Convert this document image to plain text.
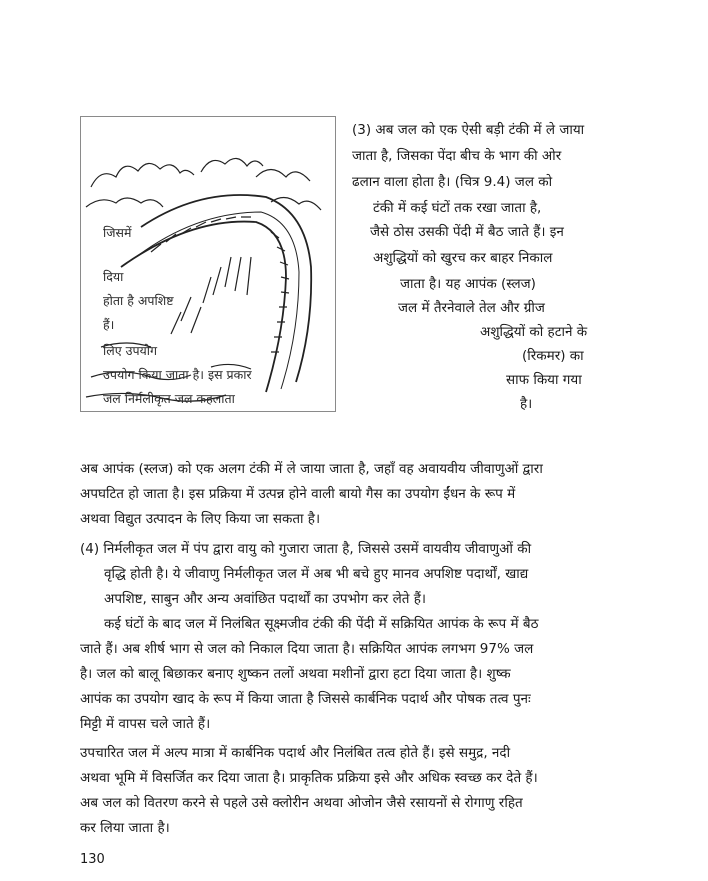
जिसमें
दिया
होता है अपशिष्ट
हैं।
लिए उपयोग
उपयोग किया जाता है। इस प्रकार
जल निर्मलीकृत जल कहलाता
(3) अब जल को एक ऐसी बड़ी टंकी में ले जाया
जाता है, जिसका पेंदा बीच के भाग की ओर
ढलान वाला होता है। (चित्र 9.4) जल को
टंकी में कई घंटों तक रखा जाता है,
जैसे ठोस उसकी पेंदी में बैठ जाते हैं। इन
अशुद्धियों को खुरच कर बाहर निकाल
जाता है। यह आपंक (स्लज)
जल में तैरनेवाले तेल और ग्रीज
अशुद्धियों को हटाने के
(रिकमर) का
साफ किया गया
है।
अब आपंक (स्लज) को एक अलग टंकी में ले जाया जाता है, जहाँ वह अवायवीय जीवाणुओं द्वारा
अपघटित हो जाता है। इस प्रक्रिया में उत्पन्न होने वाली बायो गैस का उपयोग ईंधन के रूप में
अथवा विद्युत उत्पादन के लिए किया जा सकता है।
(4) निर्मलीकृत जल में पंप द्वारा वायु को गुजारा जाता है, जिससे उसमें वायवीय जीवाणुओं की
वृद्धि होती है। ये जीवाणु निर्मलीकृत जल में अब भी बचे हुए मानव अपशिष्ट पदार्थों, खाद्य
अपशिष्ट, साबुन और अन्य अवांछित पदार्थों का उपभोग कर लेते हैं।
कई घंटों के बाद जल में निलंबित सूक्ष्मजीव टंकी की पेंदी में सक्रियित आपंक के रूप में बैठ
जाते हैं। अब शीर्ष भाग से जल को निकाल दिया जाता है। सक्रियित आपंक लगभग 97% जल
है। जल को बालू बिछाकर बनाए शुष्कन तलों अथवा मशीनों द्वारा हटा दिया जाता है। शुष्क
आपंक का उपयोग खाद के रूप में किया जाता है जिससे कार्बनिक पदार्थ और पोषक तत्व पुनः
मिट्टी में वापस चले जाते हैं।
उपचारित जल में अल्प मात्रा में कार्बनिक पदार्थ और निलंबित तत्व होते हैं। इसे समुद्र, नदी
अथवा भूमि में विसर्जित कर दिया जाता है। प्राकृतिक प्रक्रिया इसे और अधिक स्वच्छ कर देते हैं।
अब जल को वितरण करने से पहले उसे क्लोरीन अथवा ओजोन जैसे रसायनों से रोगाणु रहित
कर लिया जाता है।
130
